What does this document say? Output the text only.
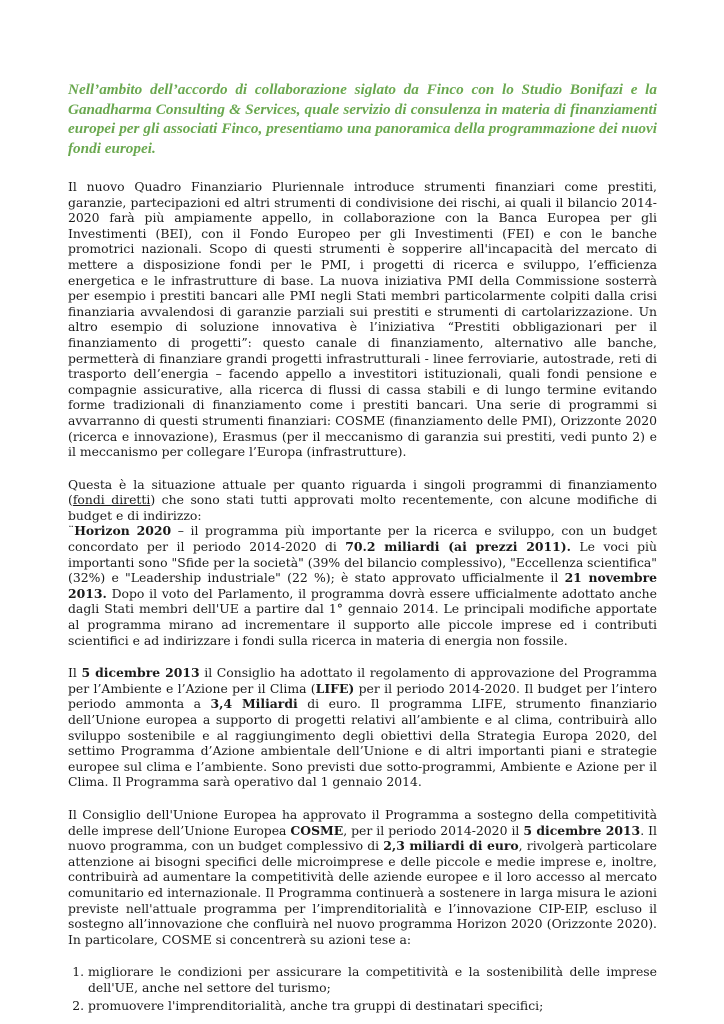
Nell’ambito dell’accordo di collaborazione siglato da Finco con lo Studio Bonifazi e la Ganadharma Consulting & Services, quale servizio di consulenza in materia di finanziamenti europei per gli associati Finco, presentiamo una panoramica della programmazione dei nuovi fondi europei.

Il nuovo Quadro Finanziario Pluriennale introduce strumenti finanziari come prestiti, garanzie, partecipazioni ed altri strumenti di condivisione dei rischi, ai quali il bilancio 2014-2020 farà più ampiamente appello, in collaborazione con la Banca Europea per gli Investimenti (BEI), con il Fondo Europeo per gli Investimenti (FEI) e con le banche promotrici nazionali. Scopo di questi strumenti è sopperire all'incapacità del mercato di mettere a disposizione fondi per le PMI, i progetti di ricerca e sviluppo, l’efficienza energetica e le infrastrutture di base. La nuova iniziativa PMI della Commissione sosterrà per esempio i prestiti bancari alle PMI negli Stati membri particolarmente colpiti dalla crisi finanziaria avvalendosi di garanzie parziali sui prestiti e strumenti di cartolarizzazione. Un altro esempio di soluzione innovativa è l’iniziativa “Prestiti obbligazionari per il finanziamento di progetti”: questo canale di finanziamento, alternativo alle banche, permetterà di finanziare grandi progetti infrastrutturali - linee ferroviarie, autostrade, reti di trasporto dell’energia – facendo appello a investitori istituzionali, quali fondi pensione e compagnie assicurative, alla ricerca di flussi di cassa stabili e di lungo termine evitando forme tradizionali di finanziamento come i prestiti bancari. Una serie di programmi si avvarranno di questi strumenti finanziari: COSME (finanziamento delle PMI), Orizzonte 2020 (ricerca e innovazione), Erasmus (per il meccanismo di garanzia sui prestiti, vedi punto 2) e il meccanismo per collegare l’Europa (infrastrutture).

Questa è la situazione attuale per quanto riguarda i singoli programmi di finanziamento (fondi diretti) che sono stati tutti approvati molto recentemente, con alcune modifiche di budget e di indirizzo:
¨Horizon 2020 – il programma più importante per la ricerca e sviluppo, con un budget concordato per il periodo 2014-2020 di 70.2 miliardi (ai prezzi 2011). Le voci più importanti sono "Sfide per la società" (39% del bilancio complessivo), "Eccellenza scientifica" (32%) e "Leadership industriale" (22 %); è stato approvato ufficialmente il 21 novembre 2013. Dopo il voto del Parlamento, il programma dovrà essere ufficialmente adottato anche dagli Stati membri dell'UE a partire dal 1° gennaio 2014. Le principali modifiche apportate al programma mirano ad incrementare il supporto alle piccole imprese ed i contributi scientifici e ad indirizzare i fondi sulla ricerca in materia di energia non fossile.

Il 5 dicembre 2013 il Consiglio ha adottato il regolamento di approvazione del Programma per l’Ambiente e l’Azione per il Clima (LIFE) per il periodo 2014-2020. Il budget per l’intero periodo ammonta a 3,4 Miliardi di euro. Il programma LIFE, strumento finanziario dell’Unione europea a supporto di progetti relativi all’ambiente e al clima, contribuirà allo sviluppo sostenibile e al raggiungimento degli obiettivi della Strategia Europa 2020, del settimo Programma d’Azione ambientale dell’Unione e di altri importanti piani e strategie europee sul clima e l’ambiente. Sono previsti due sotto-programmi, Ambiente e Azione per il Clima. Il Programma sarà operativo dal 1 gennaio 2014.

Il Consiglio dell'Unione Europea ha approvato il Programma a sostegno della competitività delle imprese dell’Unione Europea COSME, per il periodo 2014-2020 il 5 dicembre 2013. Il nuovo programma, con un budget complessivo di 2,3 miliardi di euro, rivolgerà particolare attenzione ai bisogni specifici delle microimprese e delle piccole e medie imprese e, inoltre, contribuirà ad aumentare la competitività delle aziende europee e il loro accesso al mercato comunitario ed internazionale. Il Programma continuerà a sostenere in larga misura le azioni previste nell'attuale programma per l’imprenditorialità e l’innovazione CIP-EIP, escluso il sostegno all’innovazione che confluirà nel nuovo programma Horizon 2020 (Orizzonte 2020). In particolare, COSME si concentrerà su azioni tese a:

1. migliorare le condizioni per assicurare la competitività e la sostenibilità delle imprese dell'UE, anche nel settore del turismo;
2. promuovere l'imprenditorialità, anche tra gruppi di destinatari specifici;
